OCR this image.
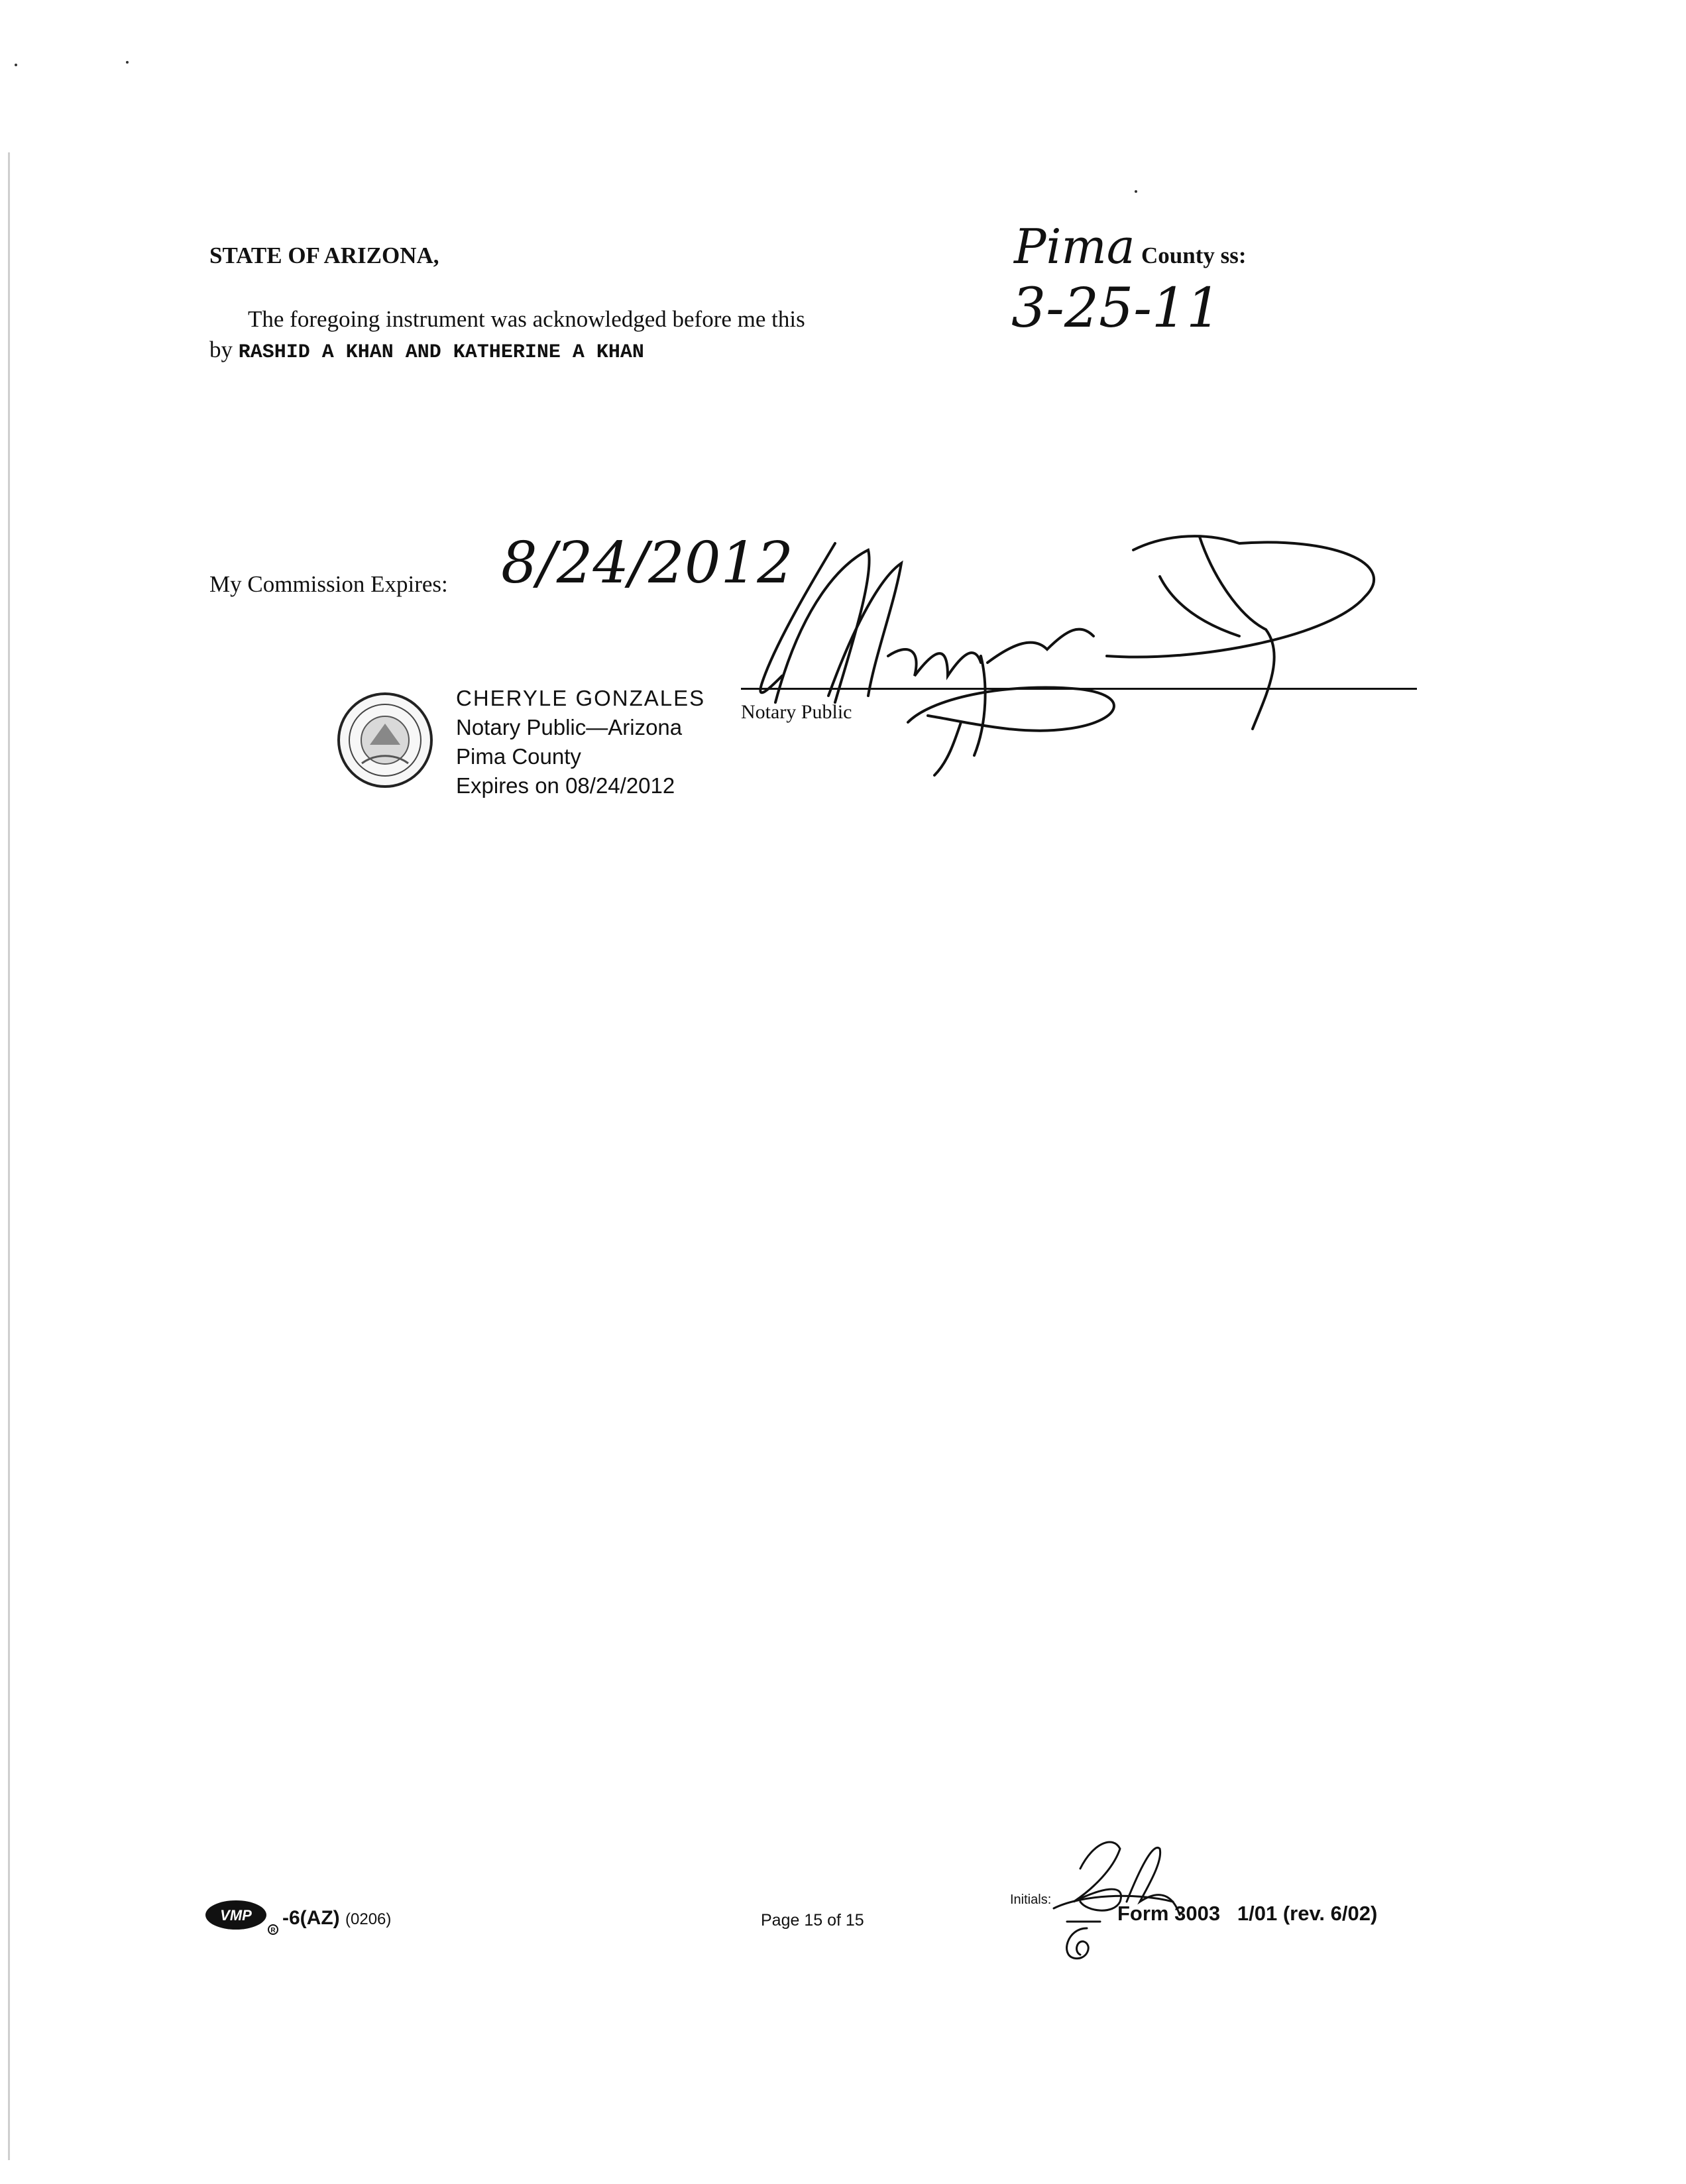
STATE OF ARIZONA,	Pima County ss:
The foregoing instrument was acknowledged before me this	3-25-11
by RASHID A KHAN AND KATHERINE A KHAN
My Commission Expires: 8/24/2012
Notary Public
CHERYLE GONZALES
Notary Public—Arizona
Pima County
Expires on 08/24/2012
VMP
R
-6(AZ) (0206)	Page 15 of 15
Initials:
Form 3003   1/01 (rev. 6/02)
